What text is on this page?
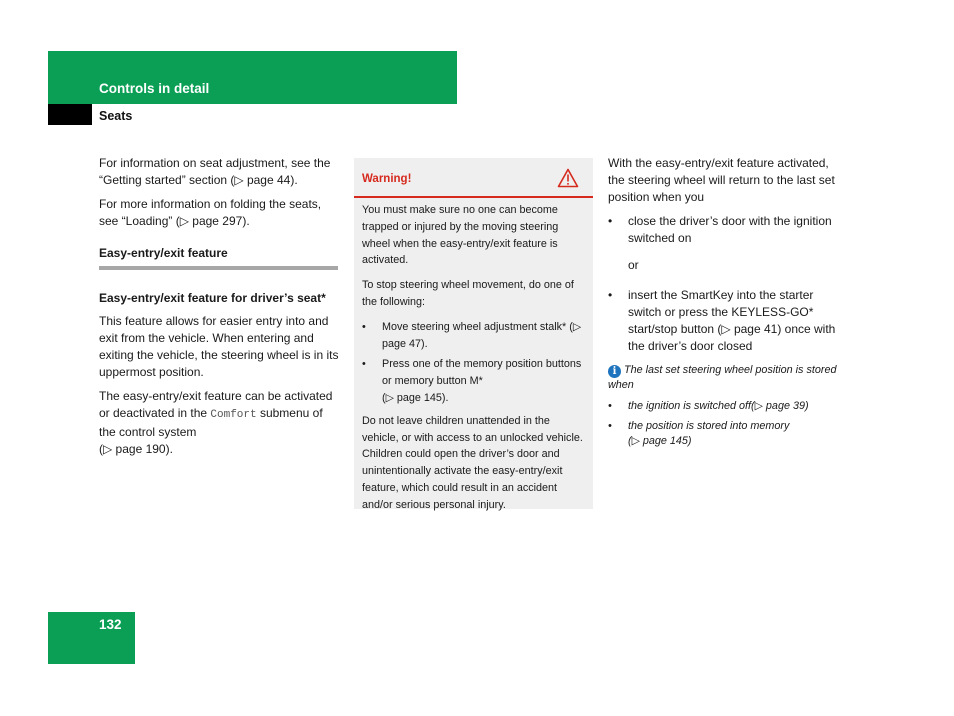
Controls in detail
Seats

For information on seat adjustment, see the “Getting started” section (▷ page 44).

For more information on folding the seats, see “Loading” (▷ page 297).

Easy-entry/exit feature
Easy-entry/exit feature for driver’s seat*

This feature allows for easier entry into and exit from the vehicle. When entering and exiting the vehicle, the steering wheel is in its uppermost position.

The easy-entry/exit feature can be activated or deactivated in the Comfort submenu of the control system
(▷ page 190).

Warning!

You must make sure no one can become trapped or injured by the moving steering wheel when the easy-entry/exit feature is activated.

To stop steering wheel movement, do one of the following:

• Move steering wheel adjustment stalk* (▷ page 47).
• Press one of the memory position buttons or memory button M*
(▷ page 145).

Do not leave children unattended in the vehicle, or with access to an unlocked vehicle. Children could open the driver’s door and unintentionally activate the easy-entry/exit feature, which could result in an accident and/or serious personal injury.

With the easy-entry/exit feature activated, the steering wheel will return to the last set position when you

• close the driver’s door with the ignition switched on
or
• insert the SmartKey into the starter switch or press the KEYLESS-GO* start/stop button (▷ page 41) once with the driver’s door closed
i The last set steering wheel position is stored when
• the ignition is switched off(▷ page 39)
• the position is stored into memory
(▷ page 145)
132
